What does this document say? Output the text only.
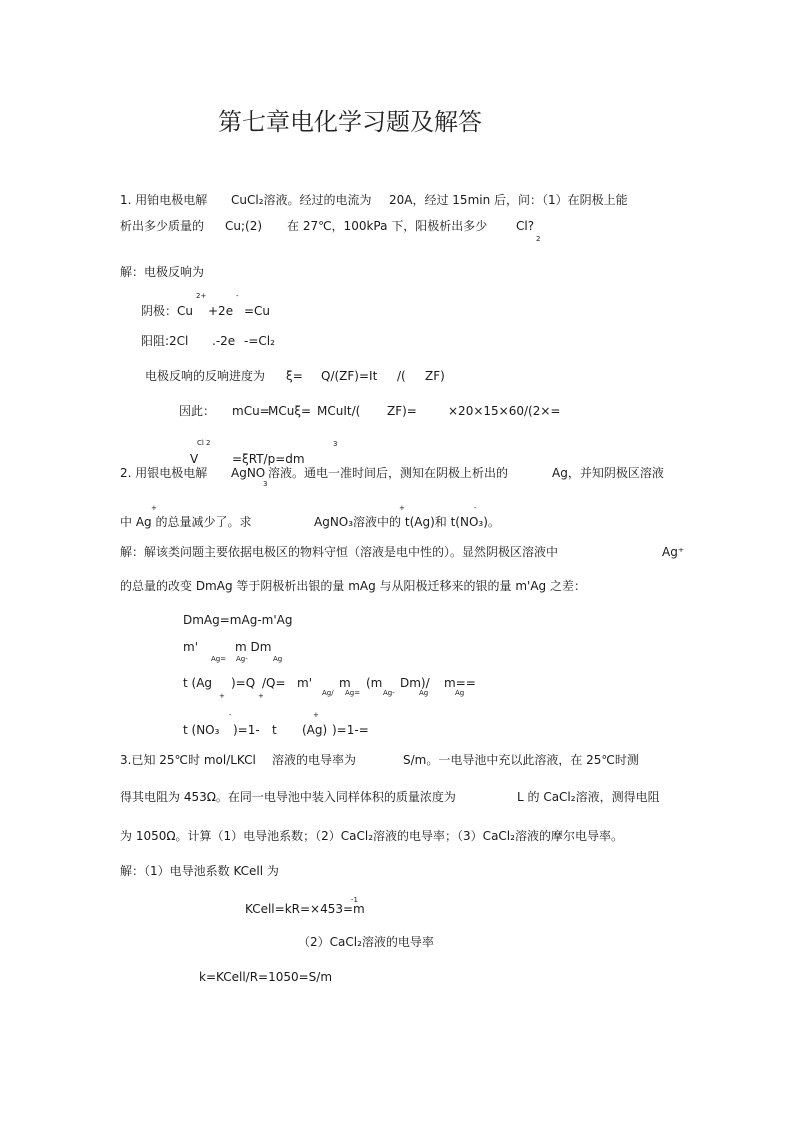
第七章电化学习题及解答
1. 用铂电极电解 CuCl₂溶液。经过的电流为 20A，经过 15min 后，问：（1）在阴极上能
析出多少质量的 Cu;(2) 在 27℃，100kPa 下，阳极析出多少 Cl?
2
解：电极反响为
2+	-
阴极：Cu +2e =Cu
阳阻:2Cl .-2e -=Cl₂
电极反响的反响进度为 ξ= Q/(ZF)=It /( ZF)
因此： mCu=
MCuξ= MCuIt/( ZF)=	×20×15×60/(2×=
Cl 2	3
V	=ξRT/p=dm
2. 用银电极电解 AgNO
3
溶液。通电一准时间后，测知在阴极上析出的	Ag，并知阴极区溶液
+	+	-
中 Ag 的总量减少了。求	AgNO₃溶液中的 t(Ag)和 t(NO₃)。
解：解该类问题主要依据电极区的物料守恒（溶液是电中性的）。显然阴极区溶液中	Ag⁺
的总量的改变 DmAg 等于阴极析出银的量 mAg 与从阳极迁移来的银的量 m'Ag 之差：
DmAg=mAg-m'Ag
m'	m Dm
Ag= Ag-	Ag
t (Ag )=Q /Q= m' m (m Dm)/ m==
+	+	Ag/ Ag=	Ag-	Ag	Ag
-	+
t (NO₃ )=1- t (Ag) )=1-=
3.已知 25℃时 mol/LKCl 溶液的电导率为	S/m。一电导池中充以此溶液，在 25℃时测
得其电阻为 453Ω。在同一电导池中装入同样体积的质量浓度为	L 的 CaCl₂溶液，测得电阻
为 1050Ω。计算（1）电导池系数；（2）CaCl₂溶液的电导率；（3）CaCl₂溶液的摩尔电导率。
解：（1）电导池系数 KCell 为
KCell=kR=×453=m
-1
（2）CaCl₂溶液的电导率
k=KCell/R=1050=S/m
